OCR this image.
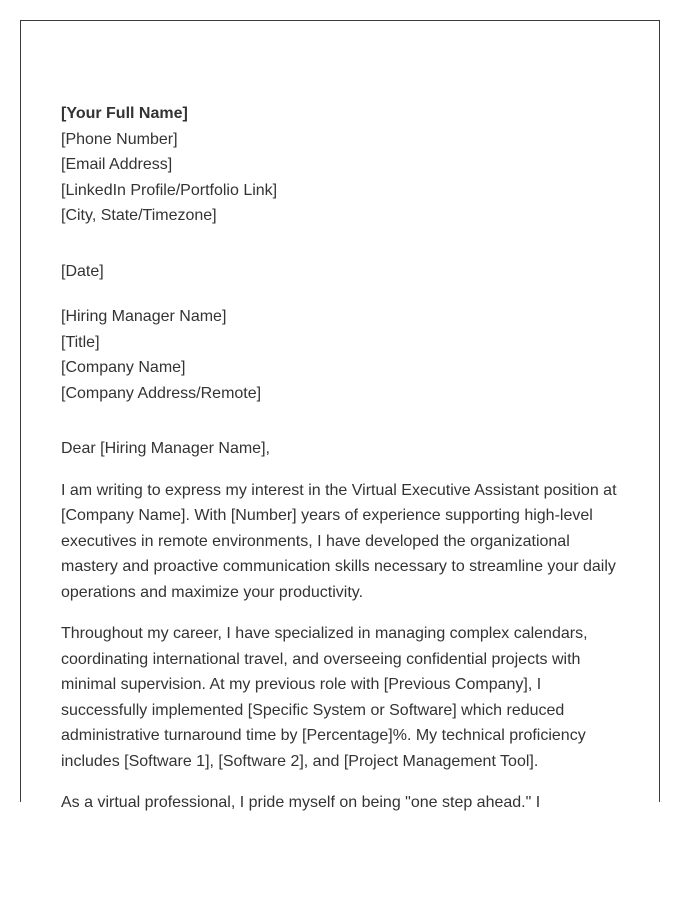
[Your Full Name]
[Phone Number]
[Email Address]
[LinkedIn Profile/Portfolio Link]
[City, State/Timezone]
[Date]
[Hiring Manager Name]
[Title]
[Company Name]
[Company Address/Remote]
Dear [Hiring Manager Name],

I am writing to express my interest in the Virtual Executive Assistant position at [Company Name]. With [Number] years of experience supporting high-level executives in remote environments, I have developed the organizational mastery and proactive communication skills necessary to streamline your daily operations and maximize your productivity.

Throughout my career, I have specialized in managing complex calendars, coordinating international travel, and overseeing confidential projects with minimal supervision. At my previous role with [Previous Company], I successfully implemented [Specific System or Software] which reduced administrative turnaround time by [Percentage]%. My technical proficiency includes [Software 1], [Software 2], and [Project Management Tool].

As a virtual professional, I pride myself on being "one step ahead." I
